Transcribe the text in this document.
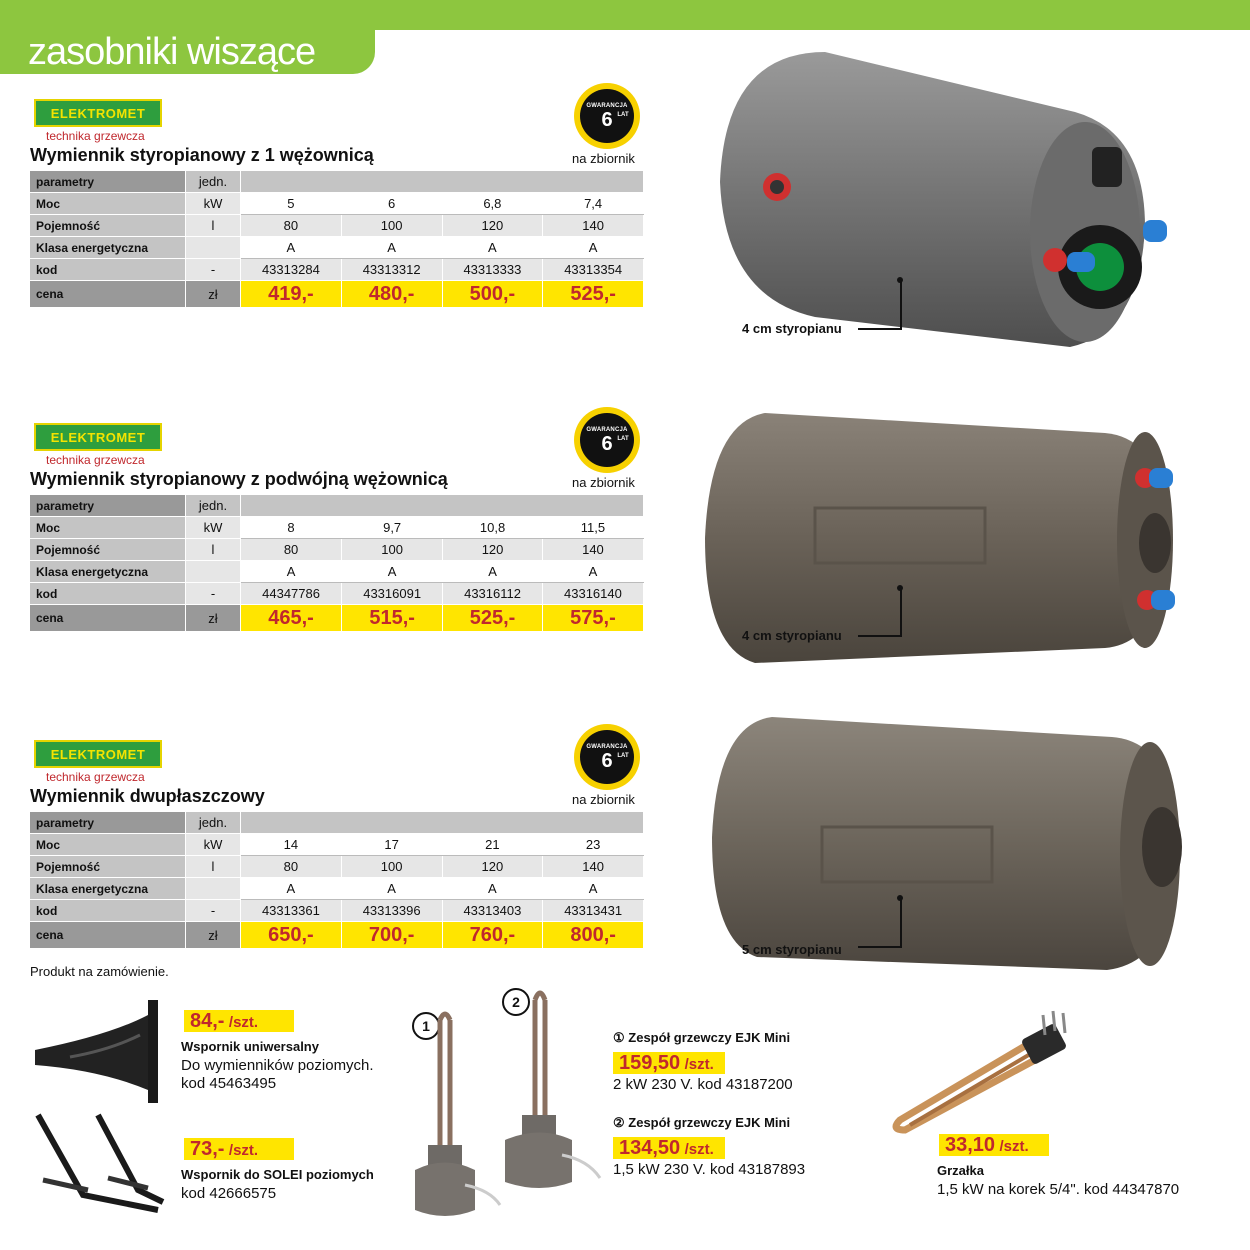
zasobniki wiszące
ELEKTROMET
technika grzewcza
GWARANCJA
6 LAT
Wymiennik styropianowy z 1 wężownicą	na zbiornik
parametry	jedn.				
Moc	kW	5	6	6,8	7,4
Pojemność	l	80	100	120	140
Klasa energetyczna		A	A	A	A
kod	-	43313284	43313312	43313333	43313354
cena	zł	419,-	480,-	500,-	525,-
ELEKTROMET
technika grzewcza
GWARANCJA
6 LAT
Wymiennik styropianowy z podwójną wężownicą	na zbiornik
parametry	jedn.				
Moc	kW	8	9,7	10,8	11,5
Pojemność	l	80	100	120	140
Klasa energetyczna		A	A	A	A
kod	-	44347786	43316091	43316112	43316140
cena	zł	465,-	515,-	525,-	575,-
ELEKTROMET
technika grzewcza
GWARANCJA
6 LAT
Wymiennik dwupłaszczowy	na zbiornik
parametry	jedn.				
Moc	kW	14	17	21	23
Pojemność	l	80	100	120	140
Klasa energetyczna		A	A	A	A
kod	-	43313361	43313396	43313403	43313431
cena	zł	650,-	700,-	760,-	800,-
4 cm styropianu
4 cm styropianu
5 cm styropianu
Produkt na zamówienie.
84,- /szt.
Wspornik uniwersalny
Do wymienników poziomych.
kod 45463495
73,- /szt.
Wspornik do SOLEI poziomych
kod 42666575
1
2
① Zespół grzewczy EJK Mini
159,50 /szt.
2 kW 230 V. kod 43187200
② Zespół grzewczy EJK Mini
134,50 /szt.
1,5 kW 230 V. kod 43187893
33,10 /szt.
Grzałka
1,5 kW na korek 5/4". kod 44347870
